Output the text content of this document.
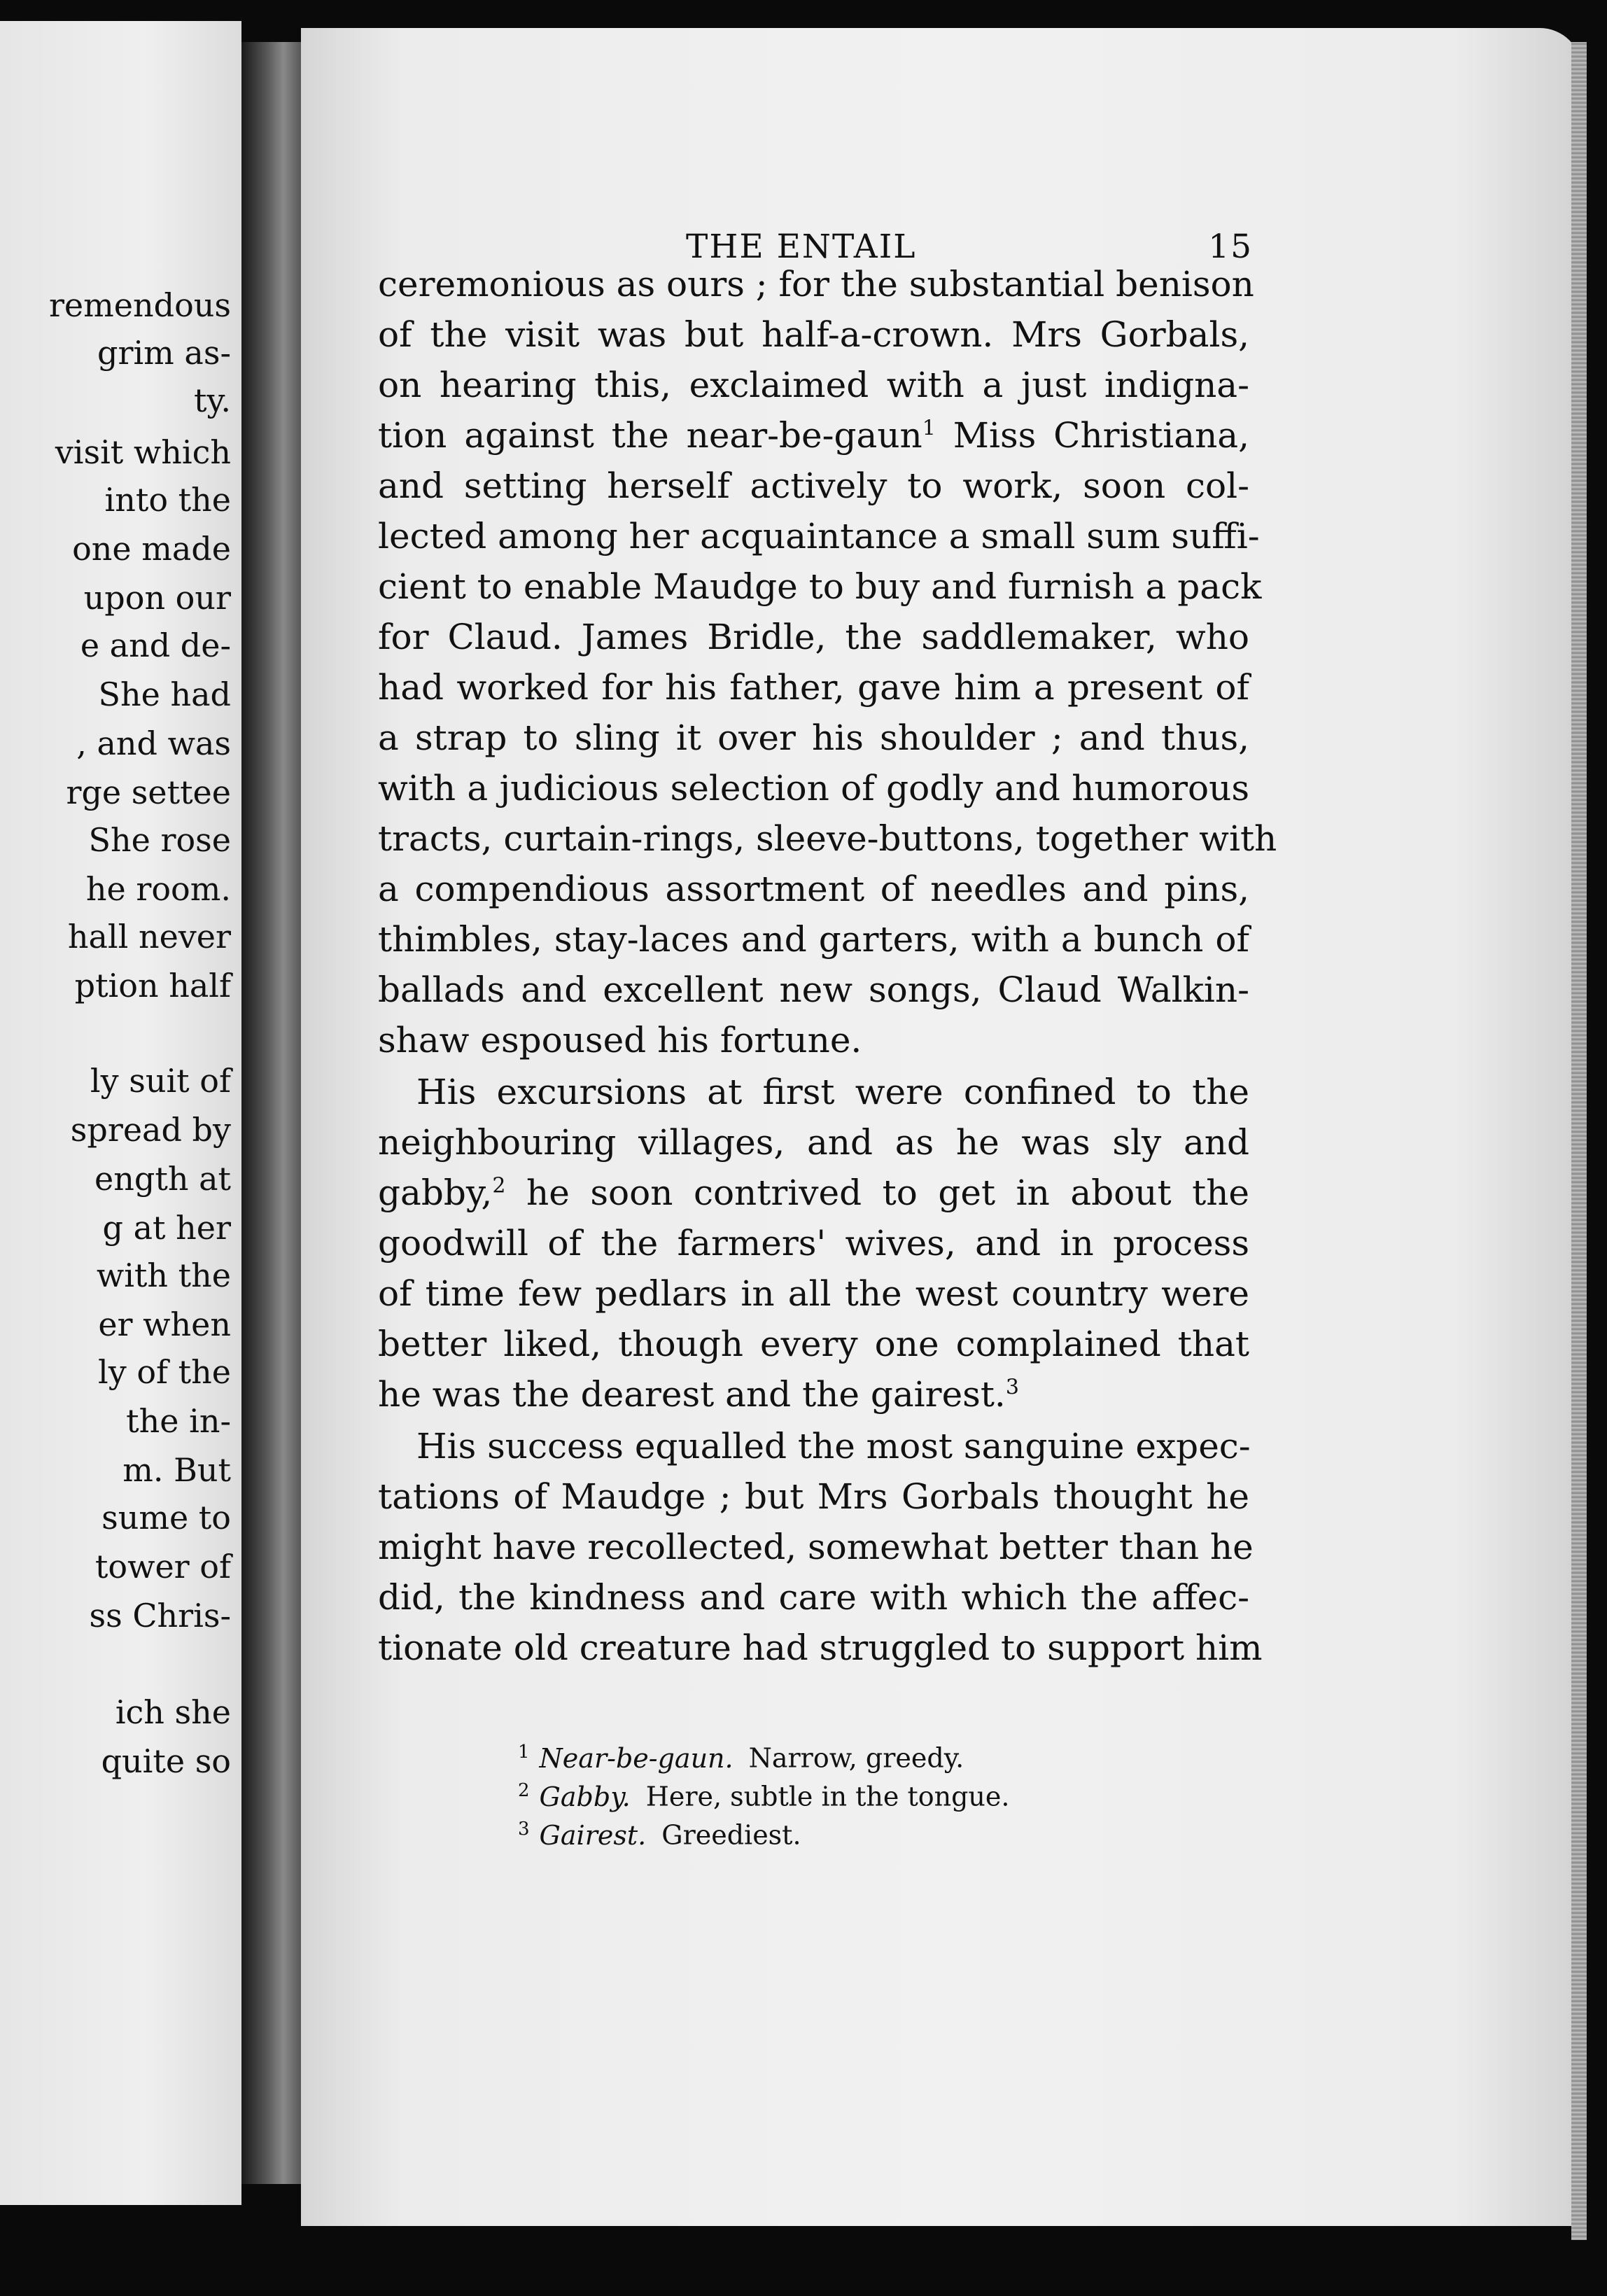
remendous
grim as-
ty.
visit which
into the
one made
upon our
e and de-
She had
, and was
rge settee
She rose
he room.
hall never
ption half
ly suit of
spread by
ength at
g at her
with the
er when
ly of the
the in-
m. But
sume to
tower of
ss Chris-
ich she
quite so
THE ENTAIL	15
ceremonious as ours ; for the substantial benison
of the visit was but half-a-crown. Mrs Gorbals,
on hearing this, exclaimed with a just indigna-
tion against the near-be-gaun$^1$ Miss Christiana,
and setting herself actively to work, soon col-
lected among her acquaintance a small sum suffi-
cient to enable Maudge to buy and furnish a pack
for Claud. James Bridle, the saddlemaker, who
had worked for his father, gave him a present of
a strap to sling it over his shoulder ; and thus,
with a judicious selection of godly and humorous
tracts, curtain-rings, sleeve-buttons, together with
a compendious assortment of needles and pins,
thimbles, stay-laces and garters, with a bunch of
ballads and excellent new songs, Claud Walkin-
shaw espoused his fortune.
His excursions at first were confined to the
neighbouring villages, and as he was sly and
gabby,$^2$ he soon contrived to get in about the
goodwill of the farmers' wives, and in process
of time few pedlars in all the west country were
better liked, though every one complained that
he was the dearest and the gairest.$^3$
His success equalled the most sanguine expec-
tations of Maudge ; but Mrs Gorbals thought he
might have recollected, somewhat better than he
did, the kindness and care with which the affec-
tionate old creature had struggled to support him
$^1$ Near-be-gaun. Narrow, greedy.
$^2$ Gabby. Here, subtle in the tongue.
$^3$ Gairest. Greediest.
